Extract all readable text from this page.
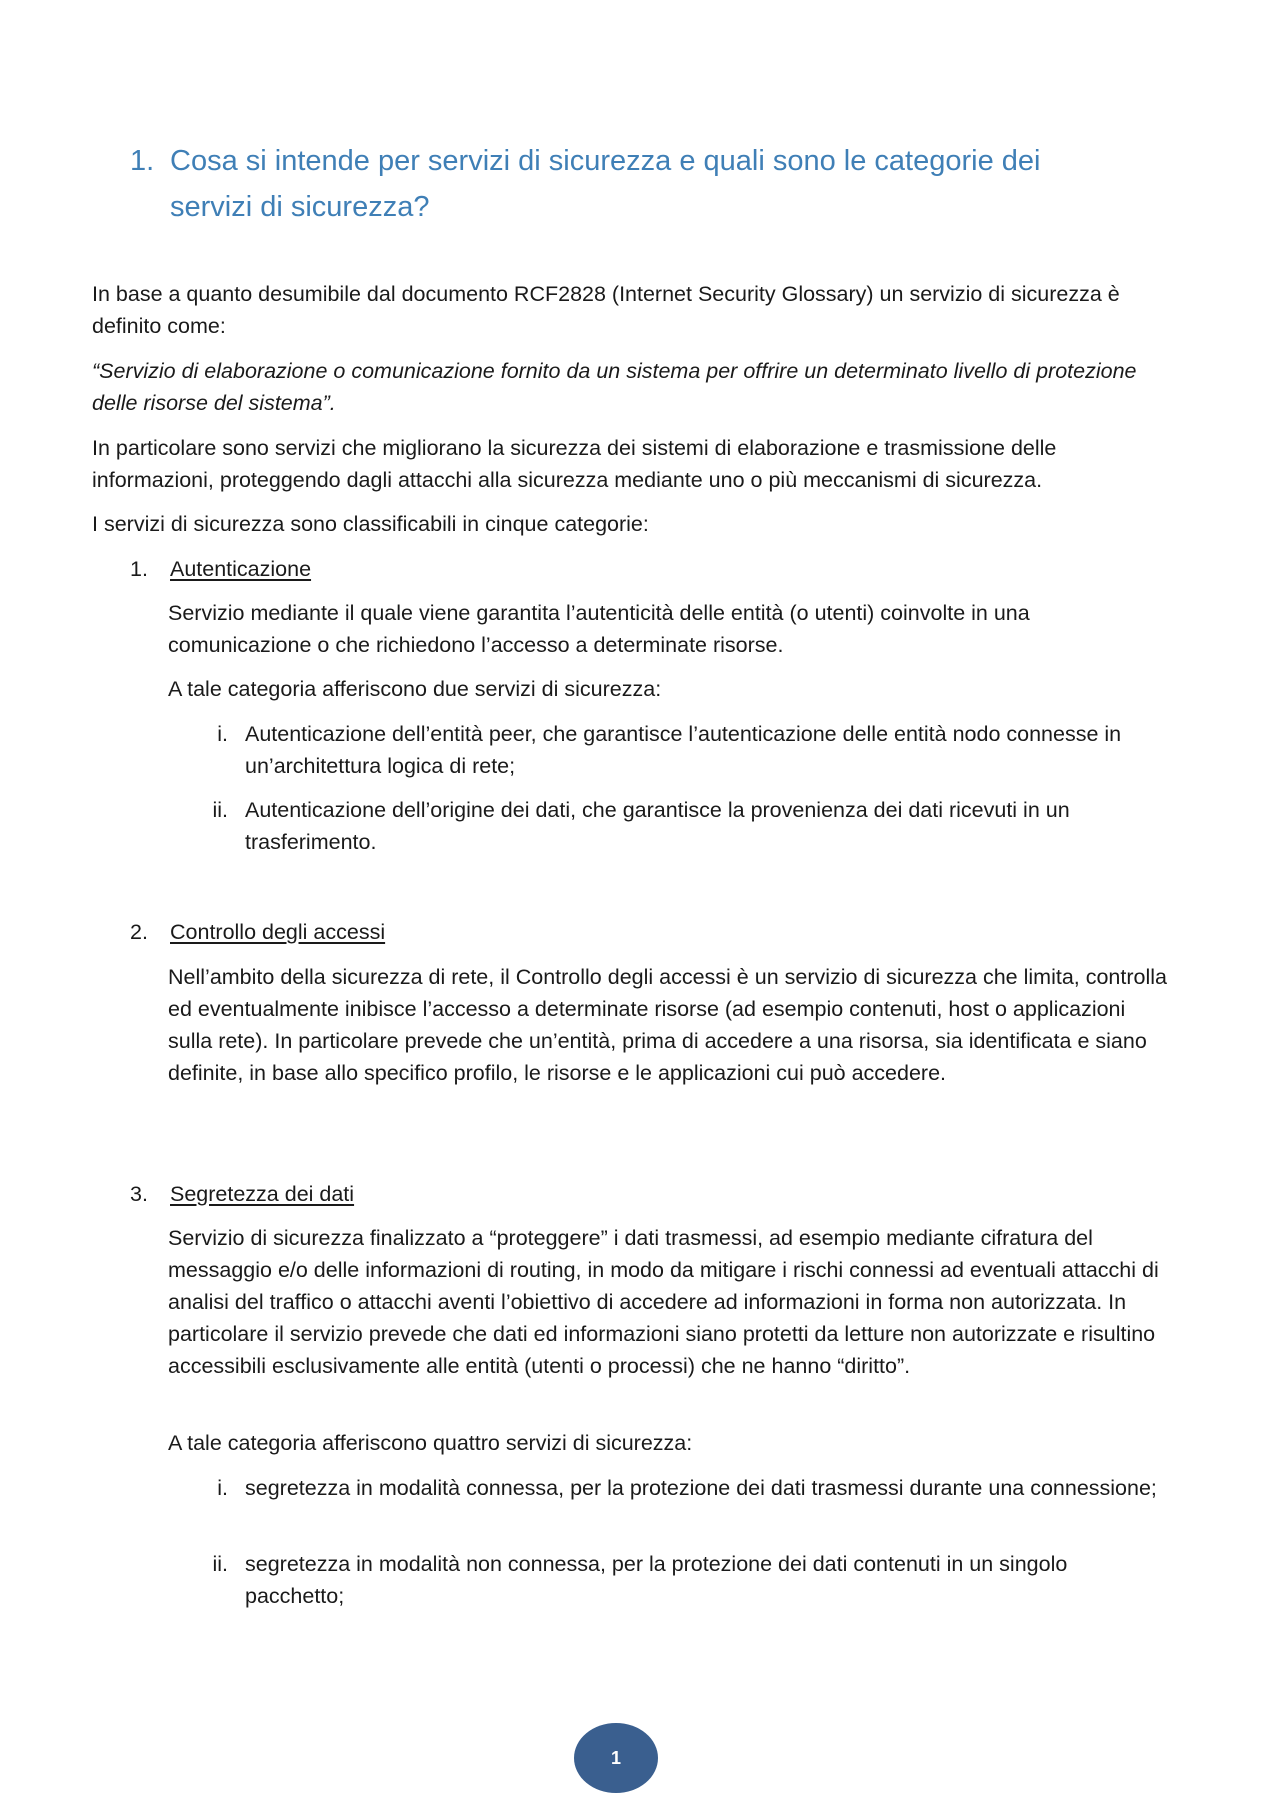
1. Cosa si intende per servizi di sicurezza e quali sono le categorie dei servizi di sicurezza?

In base a quanto desumibile dal documento RCF2828 (Internet Security Glossary) un servizio di sicurezza è definito come:

“Servizio di elaborazione o comunicazione fornito da un sistema per offrire un determinato livello di protezione delle risorse del sistema”.

In particolare sono servizi che migliorano la sicurezza dei sistemi di elaborazione e trasmissione delle informazioni, proteggendo dagli attacchi alla sicurezza mediante uno o più meccanismi di sicurezza.

I servizi di sicurezza sono classificabili in cinque categorie:

1. Autenticazione

Servizio mediante il quale viene garantita l’autenticità delle entità (o utenti) coinvolte in una comunicazione o che richiedono l’accesso a determinate risorse.

A tale categoria afferiscono due servizi di sicurezza:

i. Autenticazione dell’entità peer, che garantisce l’autenticazione delle entità nodo connesse in un’architettura logica di rete;

ii. Autenticazione dell’origine dei dati, che garantisce la provenienza dei dati ricevuti in un trasferimento.

2. Controllo degli accessi

Nell’ambito della sicurezza di rete, il Controllo degli accessi è un servizio di sicurezza che limita, controlla ed eventualmente inibisce l’accesso a determinate risorse (ad esempio contenuti, host o applicazioni sulla rete). In particolare prevede che un’entità, prima di accedere a una risorsa, sia identificata e siano definite, in base allo specifico profilo, le risorse e le applicazioni cui può accedere.

3. Segretezza dei dati

Servizio di sicurezza finalizzato a “proteggere” i dati trasmessi, ad esempio mediante cifratura del messaggio e/o delle informazioni di routing, in modo da mitigare i rischi connessi ad eventuali attacchi di analisi del traffico o attacchi aventi l’obiettivo di accedere ad informazioni in forma non autorizzata. In particolare il servizio prevede che dati ed informazioni siano protetti da letture non autorizzate e risultino accessibili esclusivamente alle entità (utenti o processi) che ne hanno “diritto”.

A tale categoria afferiscono quattro servizi di sicurezza:

i. segretezza in modalità connessa, per la protezione dei dati trasmessi durante una connessione;

ii. segretezza in modalità non connessa, per la protezione dei dati contenuti in un singolo pacchetto;

1
